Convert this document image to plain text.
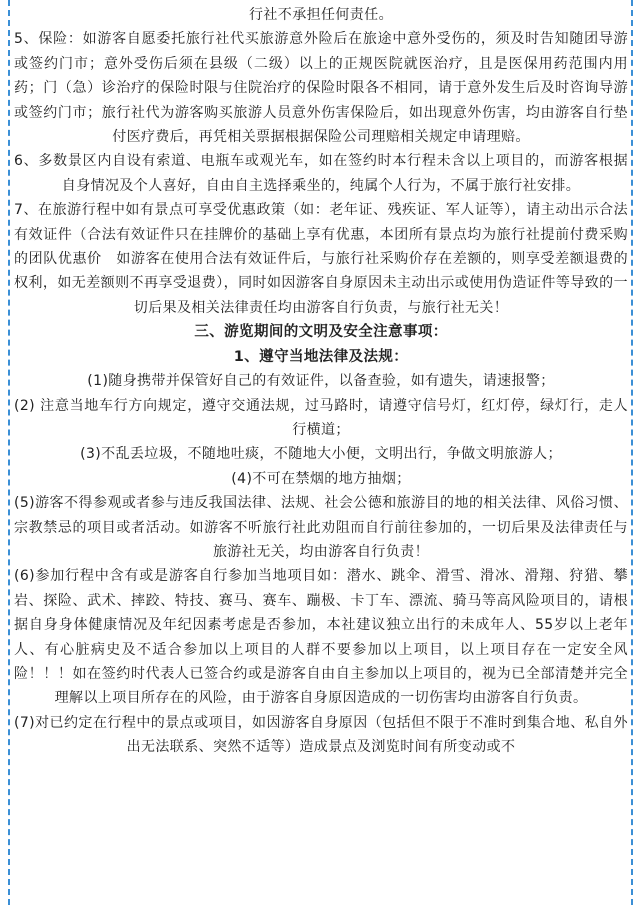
行社不承担任何责任。

5、保险：如游客自愿委托旅行社代买旅游意外险后在旅途中意外受伤的，须及时告知随团导游或签约门市；意外受伤后须在县级（二级）以上的正规医院就医治疗，且是医保用药范围内用药；门（急）诊治疗的保险时限与住院治疗的保险时限各不相同，请于意外发生后及时咨询导游或签约门市；旅行社代为游客购买旅游人员意外伤害保险后，如出现意外伤害，均由游客自行垫付医疗费后，再凭相关票据根据保险公司理赔相关规定申请理赔。

6、多数景区内自设有索道、电瓶车或观光车，如在签约时本行程未含以上项目的，而游客根据自身情况及个人喜好，自由自主选择乘坐的，纯属个人行为，不属于旅行社安排。

7、在旅游行程中如有景点可享受优惠政策（如：老年证、残疾证、军人证等），请主动出示合法有效证件（合法有效证件只在挂牌价的基础上享有优惠，本团所有景点均为旅行社提前付费采购的团队优惠价　如游客在使用合法有效证件后，与旅行社采购价存在差额的，则享受差额退费的权利，如无差额则不再享受退费），同时如因游客自身原因未主动出示或使用伪造证件等导致的一切后果及相关法律责任均由游客自行负责，与旅行社无关！

三、游览期间的文明及安全注意事项：

1、遵守当地法律及法规：

(1)随身携带并保管好自己的有效证件，以备查验，如有遗失，请速报警；

(2) 注意当地车行方向规定，遵守交通法规，过马路时，请遵守信号灯，红灯停，绿灯行，走人行横道；

(3)不乱丢垃圾，不随地吐痰，不随地大小便，文明出行，争做文明旅游人；

(4)不可在禁烟的地方抽烟；

(5)游客不得参观或者参与违反我国法律、法规、社会公德和旅游目的地的相关法律、风俗习惯、宗教禁忌的项目或者活动。如游客不听旅行社此劝阻而自行前往参加的，一切后果及法律责任与旅游社无关，均由游客自行负责！

(6)参加行程中含有或是游客自行参加当地项目如：潜水、跳伞、滑雪、滑冰、滑翔、狩猎、攀岩、探险、武术、摔跤、特技、赛马、赛车、蹦极、卡丁车、漂流、骑马等高风险项目的，请根据自身身体健康情况及年纪因素考虑是否参加，本社建议独立出行的未成年人、55岁以上老年人、有心脏病史及不适合参加以上项目的人群不要参加以上项目，以上项目存在一定安全风险！！！如在签约时代表人已签合约或是游客自由自主参加以上项目的，视为已全部清楚并完全理解以上项目所存在的风险，由于游客自身原因造成的一切伤害均由游客自行负责。

(7)对已约定在行程中的景点或项目，如因游客自身原因（包括但不限于不准时到集合地、私自外出无法联系、突然不适等）造成景点及浏览时间有所变动或不
